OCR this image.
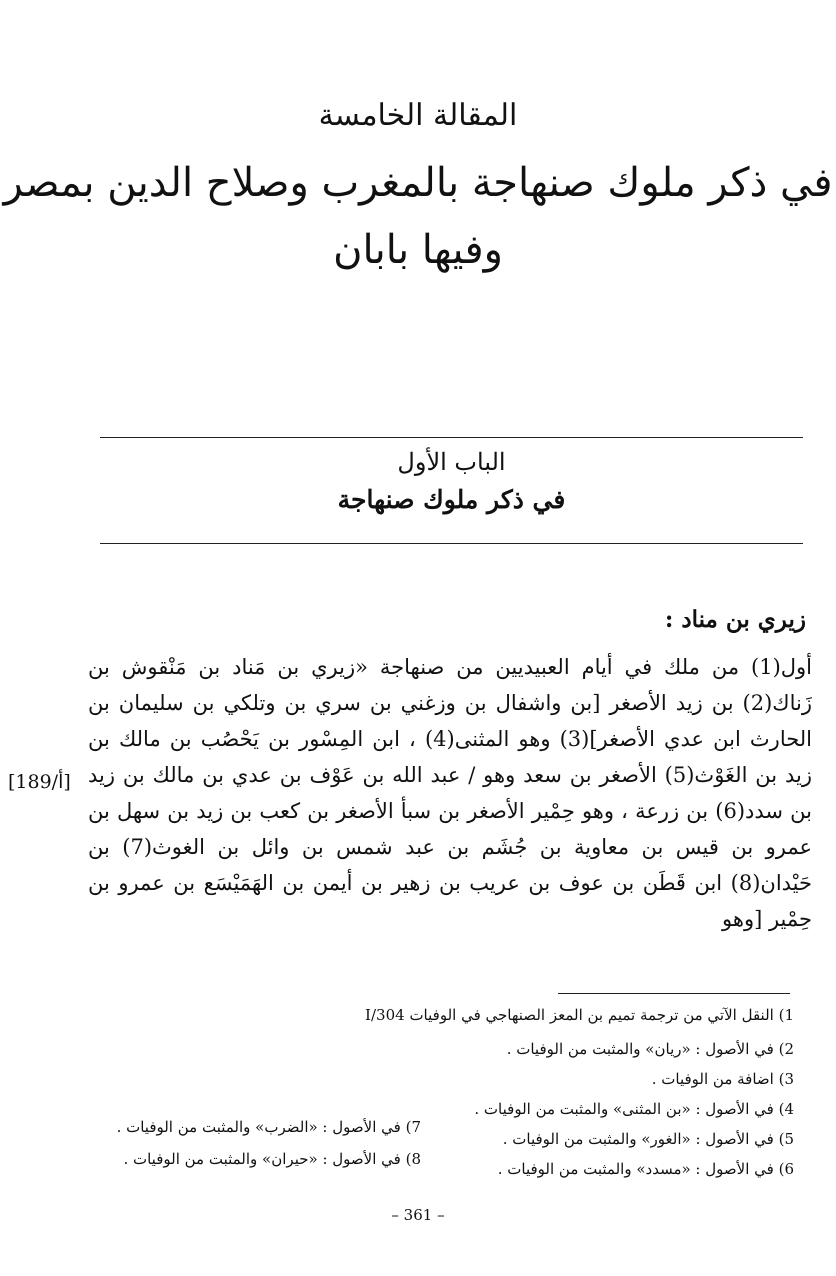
المقالة الخامسة
في ذكر ملوك صنهاجة بالمغرب وصلاح الدين بمصر
وفيها بابان
الباب الأول
في ذكر ملوك صنهاجة
زيري بن مناد :
أول(1) من ملك في أيام العبيديين من صنهاجة «زيري بن مَناد بن مَنْقوش بن زَناك(2) بن زيد الأصغر [بن واشفال بن وزغني بن سري بن وتلكي بن سليمان بن الحارث ابن عدي الأصغر](3) وهو المثنى(4) ، ابن المِسْور بن يَحْصُب بن مالك بن زيد بن الغَوْث(5) الأصغر بن سعد وهو / عبد الله بن عَوْف بن عدي بن مالك بن زيد بن سدد(6) بن زرعة ، وهو حِمْير الأصغر بن سبأ الأصغر بن كعب بن زيد بن سهل بن عمرو بن قيس بن معاوية بن جُشَم بن عبد شمس بن وائل بن الغوث(7) بن حَيْدان(8) ابن قَطَن بن عوف بن عريب بن زهير بن أيمن بن الهَمَيْسَع بن عمرو بن حِمْير [وهو
[189/أ]
1) النقل الآتي من ترجمة تميم بن المعز الصنهاجي في الوفيات 304/I
2) في الأصول : «ريان» والمثبت من الوفيات .
3) اضافة من الوفيات .
4) في الأصول : «بن المثنى» والمثبت من الوفيات .
5) في الأصول : «الغور» والمثبت من الوفيات .
6) في الأصول : «مسدد» والمثبت من الوفيات .
7) في الأصول : «الضرب» والمثبت من الوفيات .
8) في الأصول : «حيران» والمثبت من الوفيات .
– 361 –
